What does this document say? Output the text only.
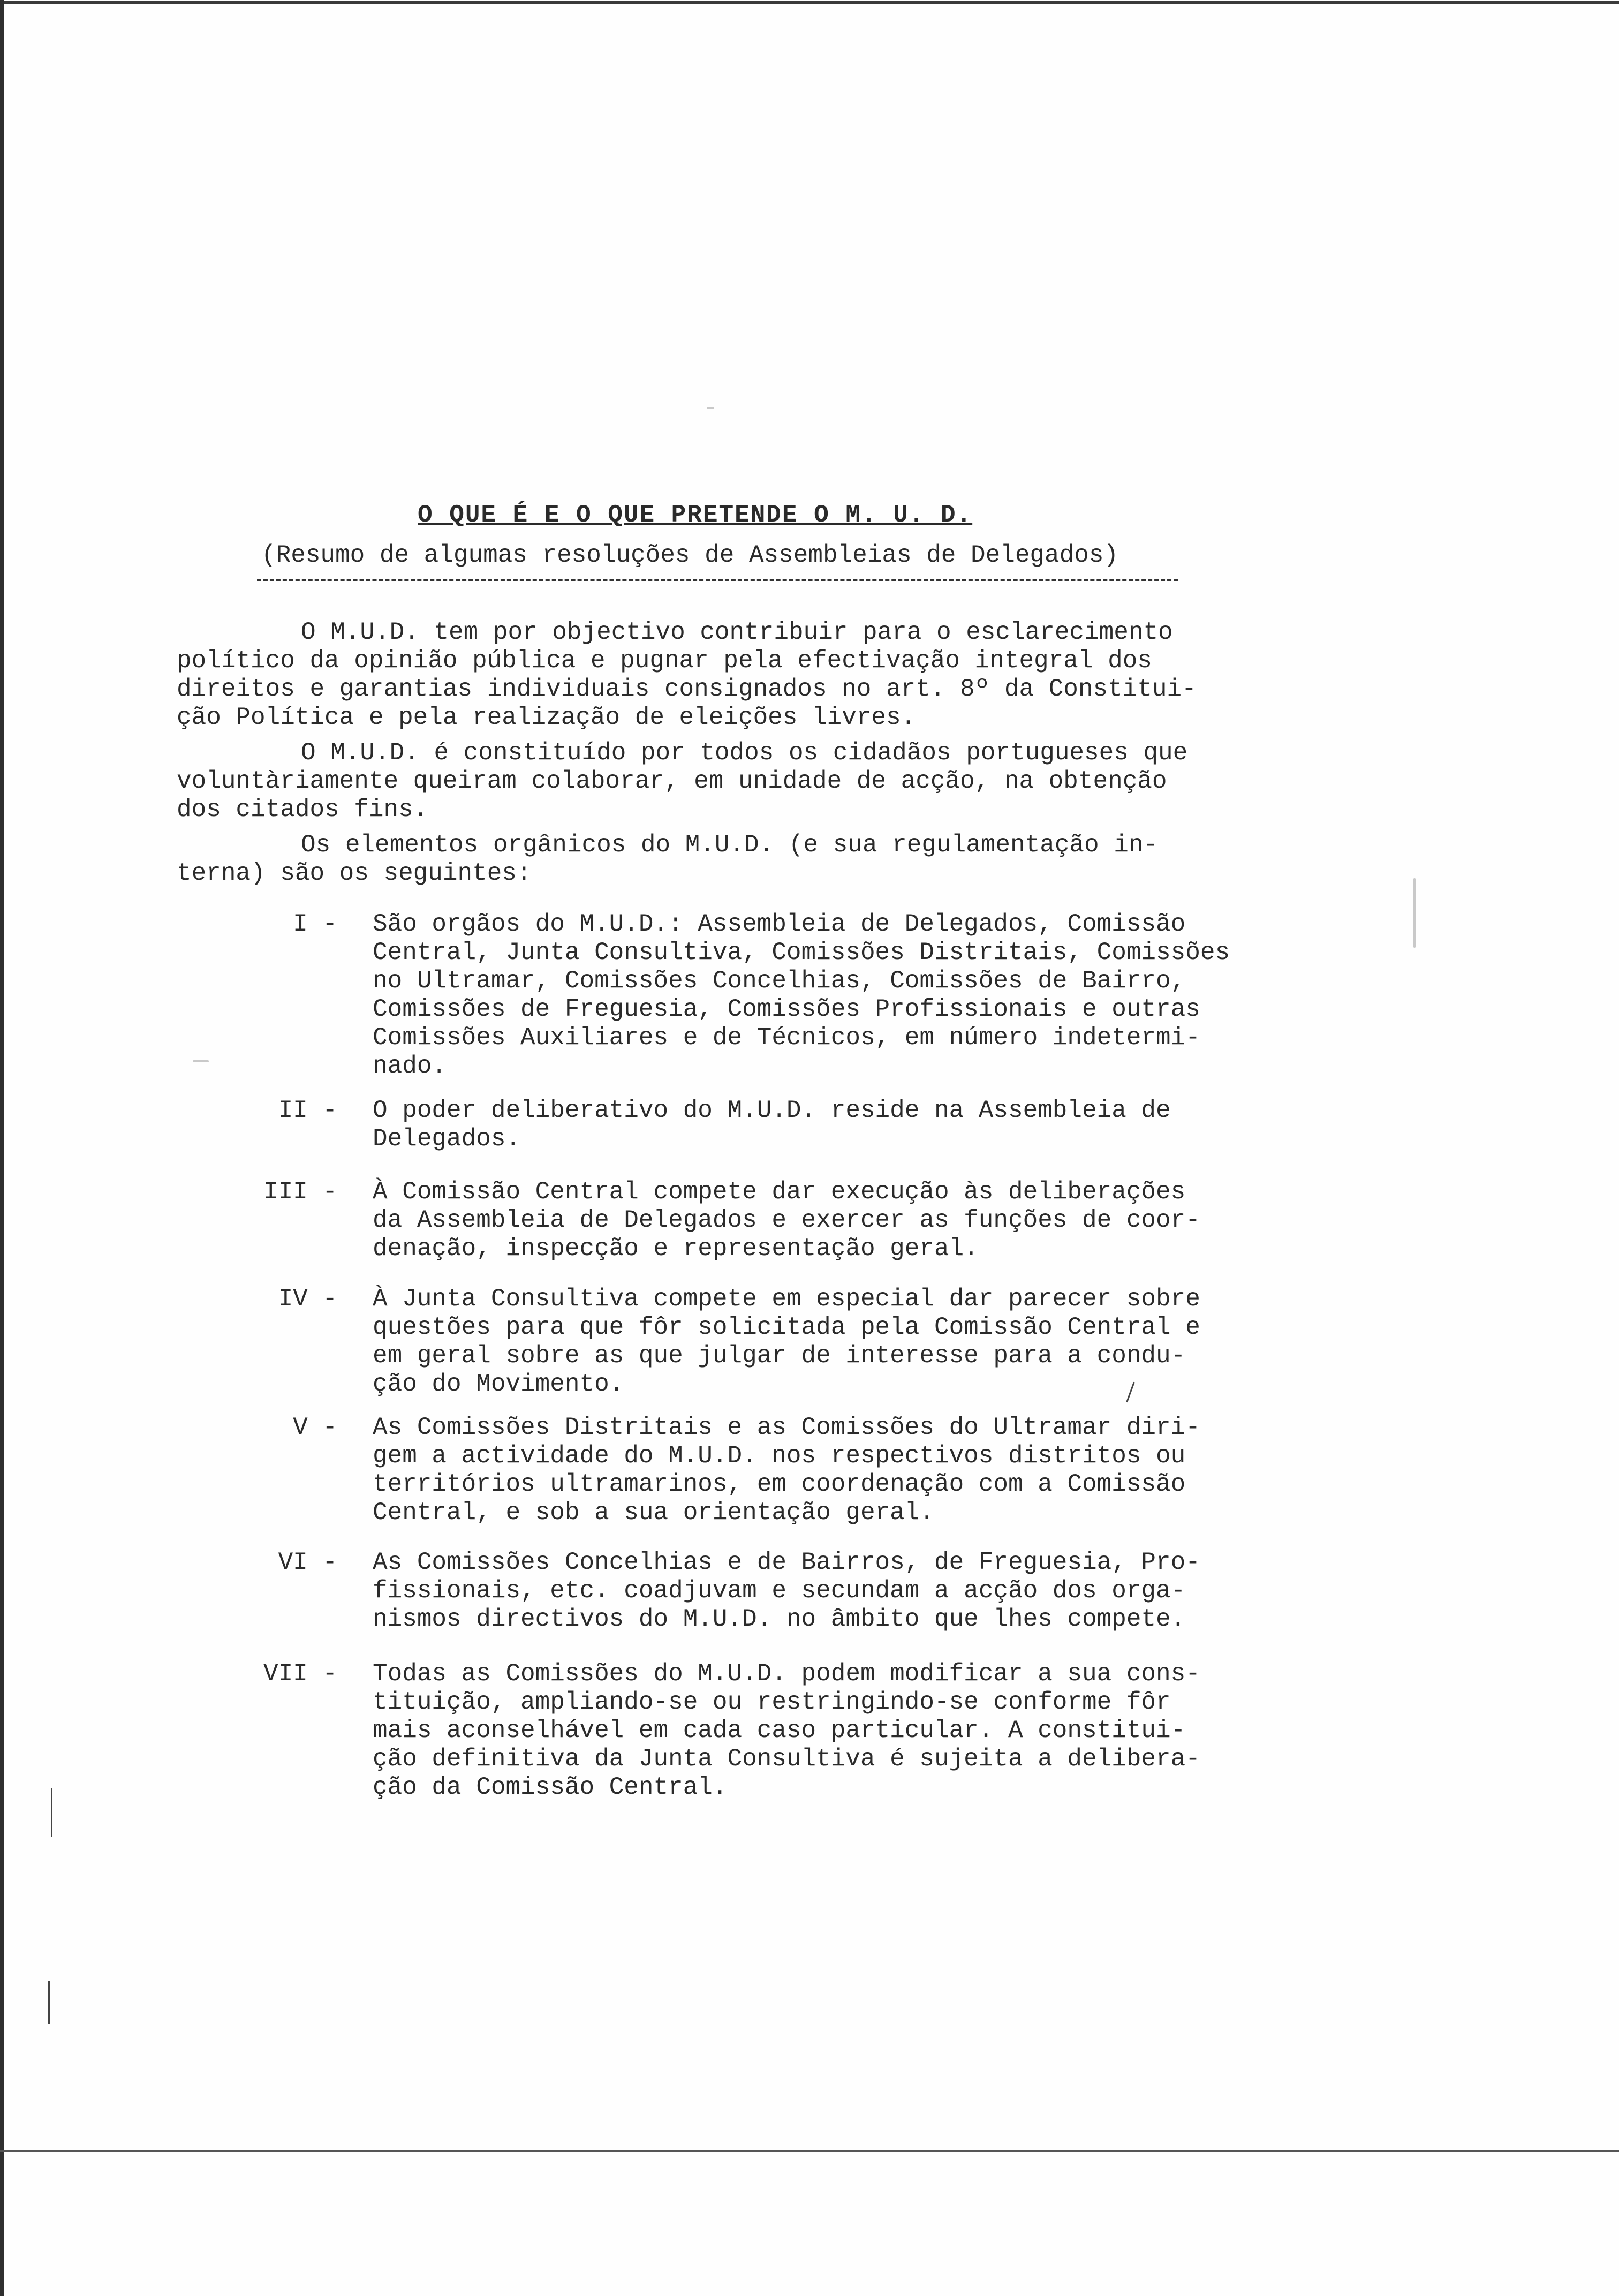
O QUE É E O QUE PRETENDE O M. U. D.
(Resumo de algumas resoluções de Assembleias de Delegados)

O M.U.D. tem por objectivo contribuir para o esclarecimento
político da opinião pública e pugnar pela efectivação integral dos
direitos e garantias individuais consignados no art. 8º da Constitui-
ção Política e pela realização de eleições livres.

O M.U.D. é constituído por todos os cidadãos portugueses que
voluntàriamente queiram colaborar, em unidade de acção, na obtenção
dos citados fins.

Os elementos orgânicos do M.U.D. (e sua regulamentação in-
terna) são os seguintes:

I - São orgãos do M.U.D.: Assembleia de Delegados, Comissão
Central, Junta Consultiva, Comissões Distritais, Comissões
no Ultramar, Comissões Concelhias, Comissões de Bairro,
Comissões de Freguesia, Comissões Profissionais e outras
Comissões Auxiliares e de Técnicos, em número indetermi-
nado.

II - O poder deliberativo do M.U.D. reside na Assembleia de
Delegados.

III - À Comissão Central compete dar execução às deliberações
da Assembleia de Delegados e exercer as funções de coor-
denação, inspecção e representação geral.

IV - À Junta Consultiva compete em especial dar parecer sobre
questões para que fôr solicitada pela Comissão Central e
em geral sobre as que julgar de interesse para a condu-
ção do Movimento.

V - As Comissões Distritais e as Comissões do Ultramar diri-
gem a actividade do M.U.D. nos respectivos distritos ou
territórios ultramarinos, em coordenação com a Comissão
Central, e sob a sua orientação geral.

VI - As Comissões Concelhias e de Bairros, de Freguesia, Pro-
fissionais, etc. coadjuvam e secundam a acção dos orga-
nismos directivos do M.U.D. no âmbito que lhes compete.

VII - Todas as Comissões do M.U.D. podem modificar a sua cons-
tituição, ampliando-se ou restringindo-se conforme fôr
mais aconselhável em cada caso particular. A constitui-
ção definitiva da Junta Consultiva é sujeita a delibera-
ção da Comissão Central.
